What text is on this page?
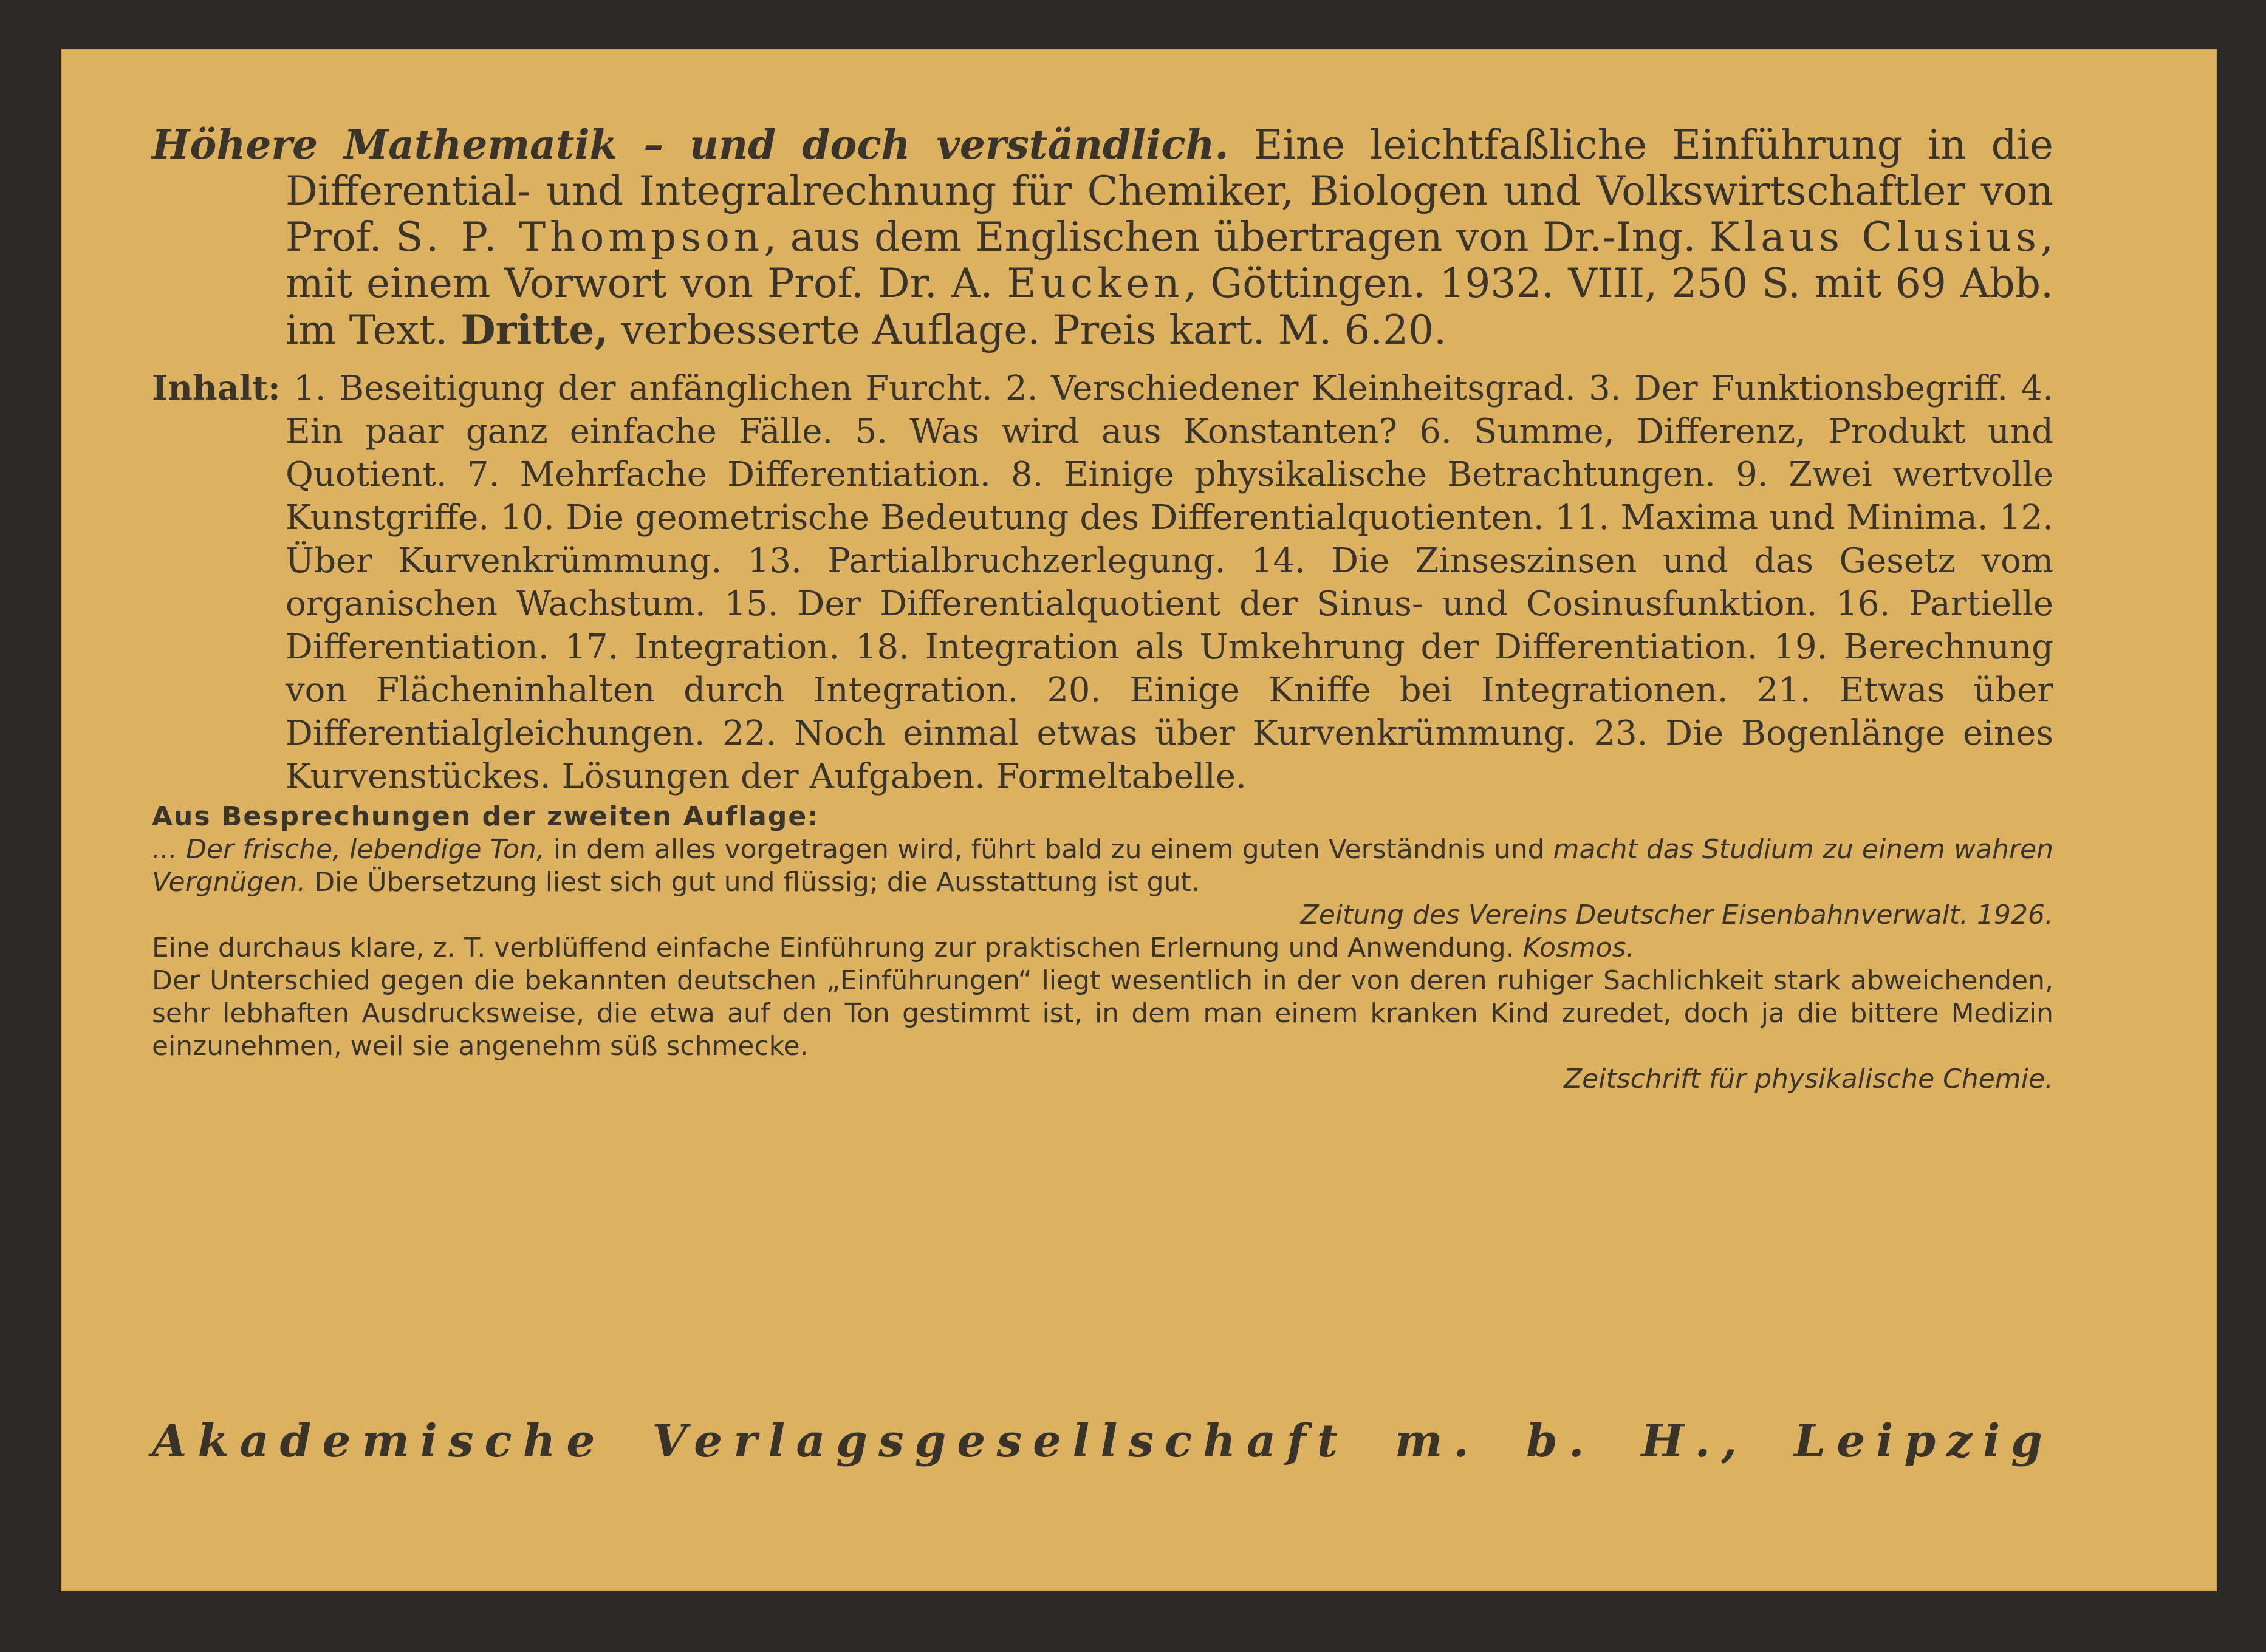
Höhere Mathematik – und doch verständlich. Eine leichtfaßliche Einführung in die Differential- und Integralrechnung für Chemiker, Biologen und Volkswirtschaftler von Prof. S. P. Thompson, aus dem Englischen übertragen von Dr.-Ing. Klaus Clusius, mit einem Vorwort von Prof. Dr. A. Eucken, Göttingen. 1932. VIII, 250 S. mit 69 Abb. im Text. Dritte, verbesserte Auflage. Preis kart. M. 6.20.

Inhalt: 1. Beseitigung der anfänglichen Furcht. 2. Verschiedener Kleinheitsgrad. 3. Der Funktionsbegriff. 4. Ein paar ganz einfache Fälle. 5. Was wird aus Konstanten? 6. Summe, Differenz, Produkt und Quotient. 7. Mehrfache Differentiation. 8. Einige physikalische Betrachtungen. 9. Zwei wertvolle Kunstgriffe. 10. Die geometrische Bedeutung des Differentialquotienten. 11. Maxima und Minima. 12. Über Kurvenkrümmung. 13. Partialbruchzerlegung. 14. Die Zinseszinsen und das Gesetz vom organischen Wachstum. 15. Der Differentialquotient der Sinus- und Cosinusfunktion. 16. Partielle Differentiation. 17. Integration. 18. Integration als Umkehrung der Differentiation. 19. Berechnung von Flächeninhalten durch Integration. 20. Einige Kniffe bei Integrationen. 21. Etwas über Differentialgleichungen. 22. Noch einmal etwas über Kurvenkrümmung. 23. Die Bogenlänge eines Kurvenstückes. Lösungen der Aufgaben. Formeltabelle.

Aus Besprechungen der zweiten Auflage:

... Der frische, lebendige Ton, in dem alles vorgetragen wird, führt bald zu einem guten Verständnis und macht das Studium zu einem wahren Vergnügen. Die Übersetzung liest sich gut und flüssig; die Ausstattung ist gut.

Zeitung des Vereins Deutscher Eisenbahnverwalt. 1926.

Eine durchaus klare, z. T. verblüffend einfache Einführung zur praktischen Erlernung und Anwendung. Kosmos.

Der Unterschied gegen die bekannten deutschen „Einführungen“ liegt wesentlich in der von deren ruhiger Sachlichkeit stark abweichenden, sehr lebhaften Ausdrucksweise, die etwa auf den Ton gestimmt ist, in dem man einem kranken Kind zuredet, doch ja die bittere Medizin einzunehmen, weil sie angenehm süß schmecke.

Zeitschrift für physikalische Chemie.

Akademische Verlagsgesellschaft m. b. H., Leipzig
